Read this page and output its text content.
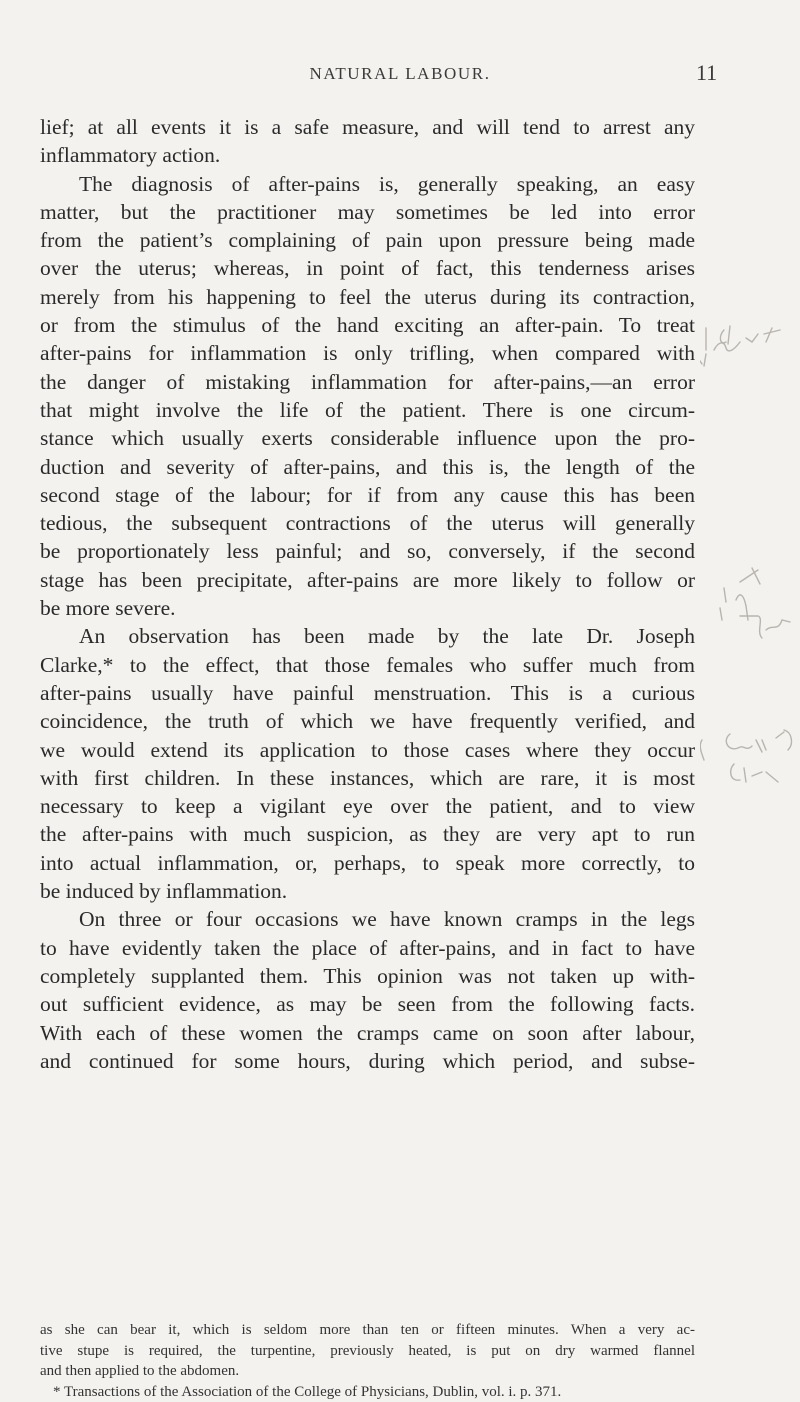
NATURAL LABOUR.	11
lief; at all events it is a safe measure, and will tend to arrest any
inflammatory action.
The diagnosis of after-pains is, generally speaking, an easy
matter, but the practitioner may sometimes be led into error
from the patient’s complaining of pain upon pressure being made
over the uterus; whereas, in point of fact, this tenderness arises
merely from his happening to feel the uterus during its contraction,
or from the stimulus of the hand exciting an after-pain. To treat
after-pains for inflammation is only trifling, when compared with
the danger of mistaking inflammation for after-pains,—an error
that might involve the life of the patient. There is one circum-
stance which usually exerts considerable influence upon the pro-
duction and severity of after-pains, and this is, the length of the
second stage of the labour; for if from any cause this has been
tedious, the subsequent contractions of the uterus will generally
be proportionately less painful; and so, conversely, if the second
stage has been precipitate, after-pains are more likely to follow or
be more severe.
An observation has been made by the late Dr. Joseph
Clarke,* to the effect, that those females who suffer much from
after-pains usually have painful menstruation. This is a curious
coincidence, the truth of which we have frequently verified, and
we would extend its application to those cases where they occur
with first children. In these instances, which are rare, it is most
necessary to keep a vigilant eye over the patient, and to view
the after-pains with much suspicion, as they are very apt to run
into actual inflammation, or, perhaps, to speak more correctly, to
be induced by inflammation.
On three or four occasions we have known cramps in the legs
to have evidently taken the place of after-pains, and in fact to have
completely supplanted them. This opinion was not taken up with-
out sufficient evidence, as may be seen from the following facts.
With each of these women the cramps came on soon after labour,
and continued for some hours, during which period, and subse-
as she can bear it, which is seldom more than ten or fifteen minutes. When a very ac-
tive stupe is required, the turpentine, previously heated, is put on dry warmed flannel
and then applied to the abdomen.
* Transactions of the Association of the College of Physicians, Dublin, vol. i. p. 371.
